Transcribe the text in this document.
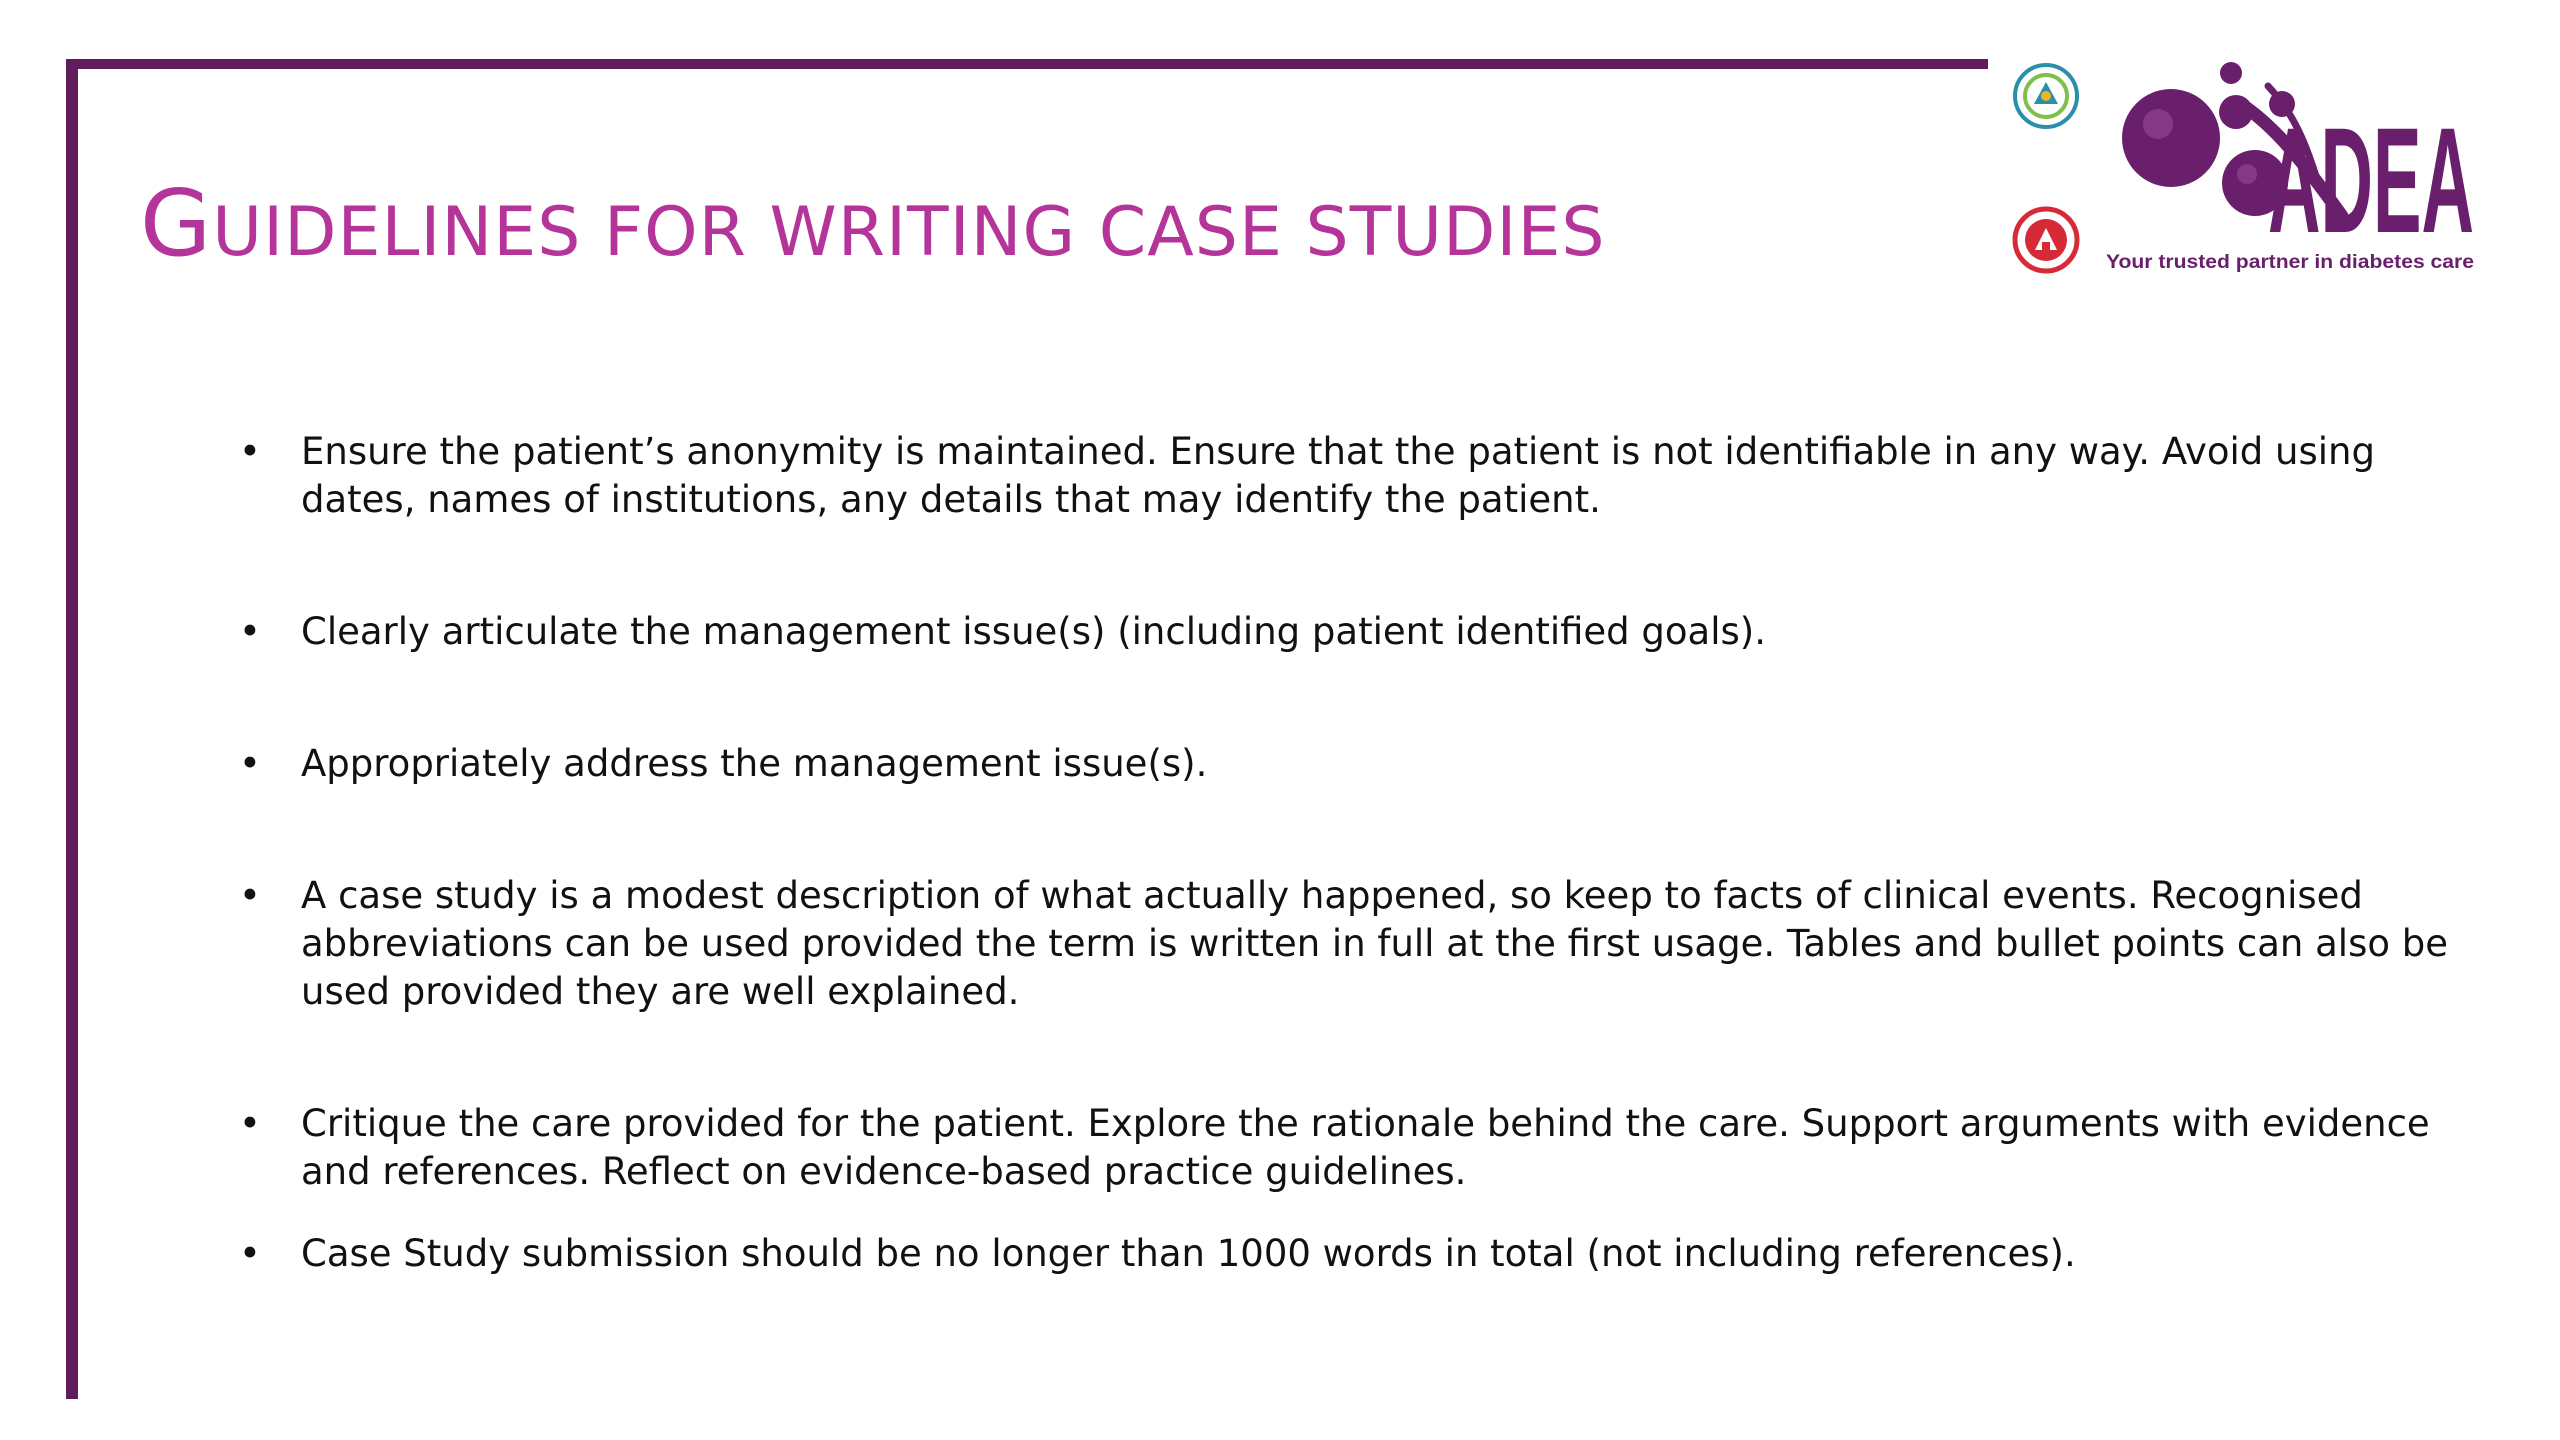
GUIDELINES FOR WRITING CASE STUDIES	ADEA
Your trusted partner in diabetes care
• Ensure the patient’s anonymity is maintained. Ensure that the patient is not identifiable in any way. Avoid using dates, names of institutions, any details that may identify the patient.
• Clearly articulate the management issue(s) (including patient identified goals).
• Appropriately address the management issue(s).
• A case study is a modest description of what actually happened, so keep to facts of clinical events. Recognised abbreviations can be used provided the term is written in full at the first usage. Tables and bullet points can also be used provided they are well explained.
• Critique the care provided for the patient. Explore the rationale behind the care. Support arguments with evidence and references. Reflect on evidence-based practice guidelines.
• Case Study submission should be no longer than 1000 words in total (not including references).
